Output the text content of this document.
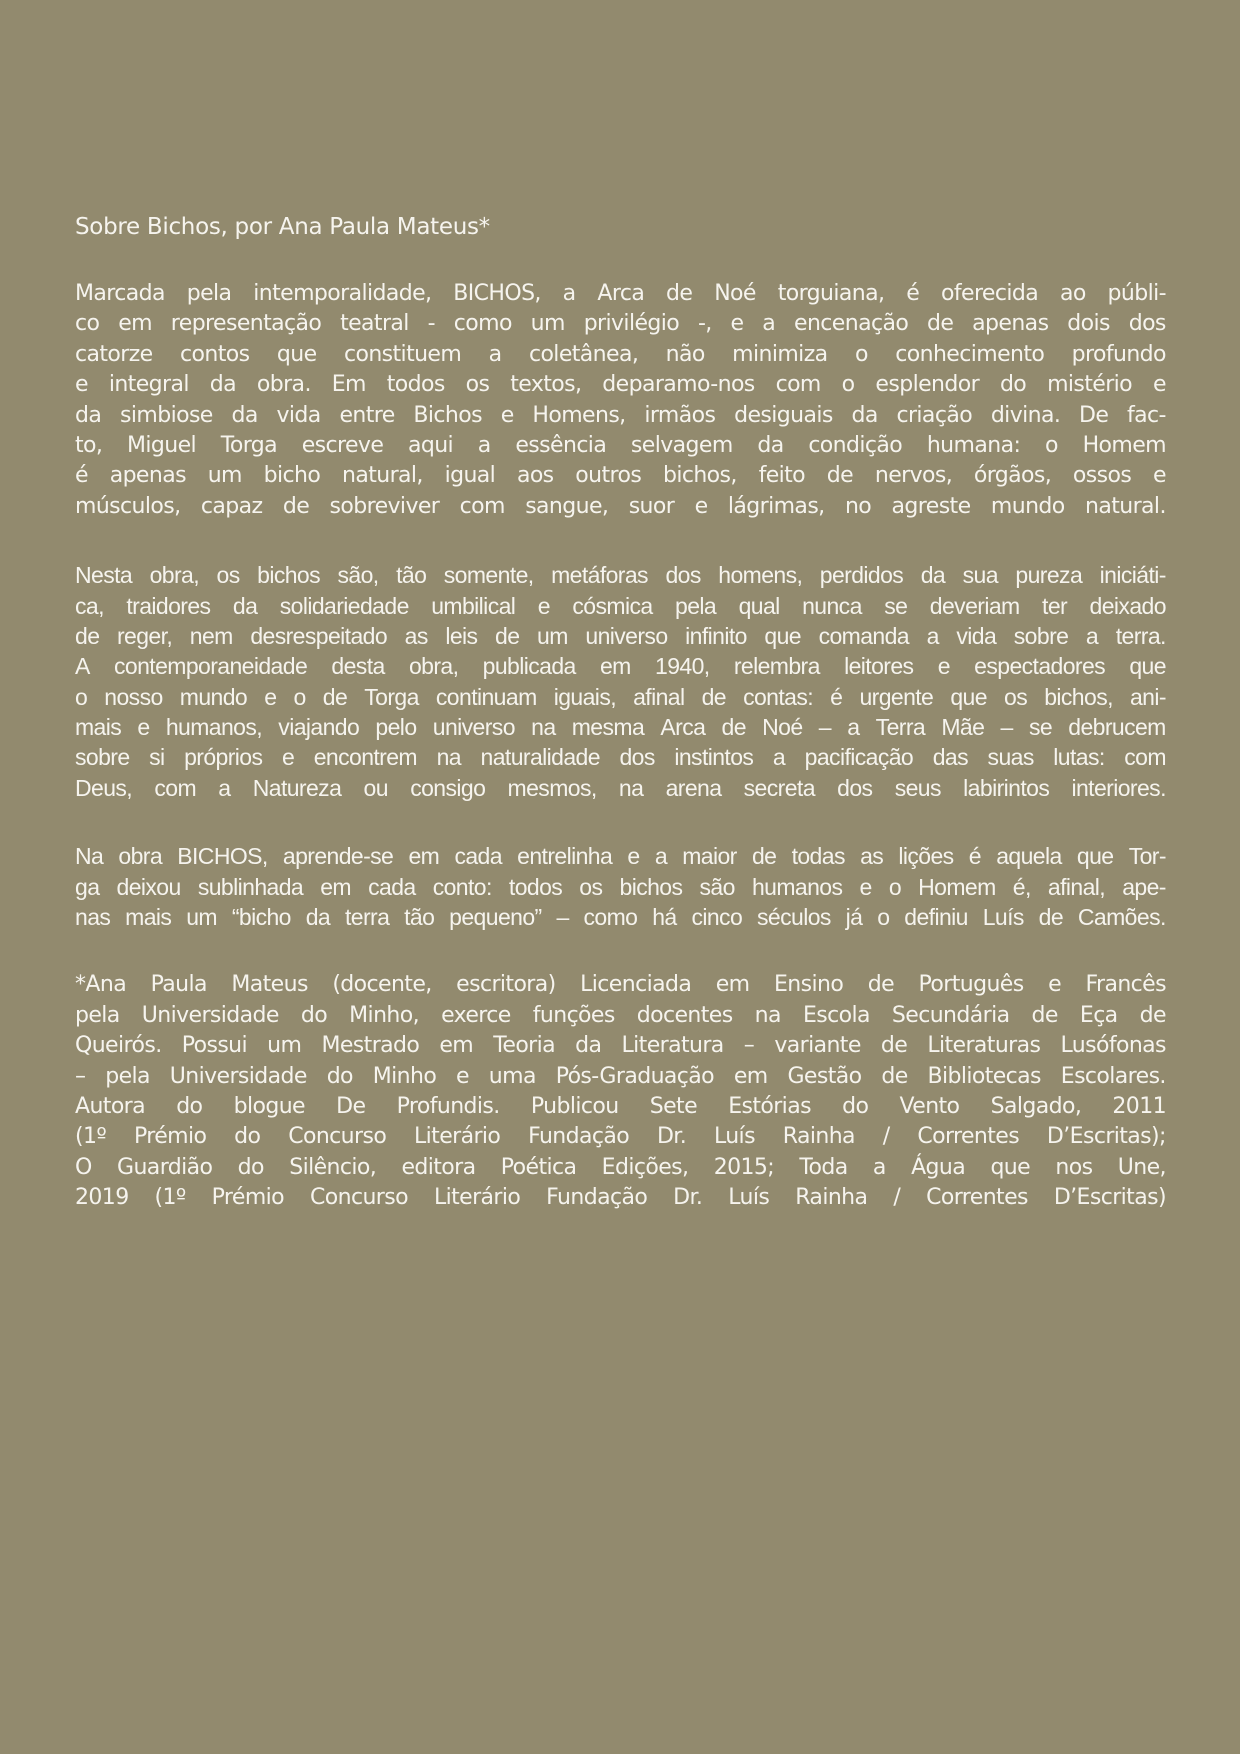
Sobre Bichos, por Ana Paula Mateus*
Marcada pela intemporalidade, BICHOS, a Arca de Noé torguiana, é oferecida ao públi-
co em representação teatral - como um privilégio -, e a encenação de apenas dois dos
catorze contos que constituem a coletânea, não minimiza o conhecimento profundo
e integral da obra. Em todos os textos, deparamo-nos com o esplendor do mistério e
da simbiose da vida entre Bichos e Homens, irmãos desiguais da criação divina. De fac-
to, Miguel Torga escreve aqui a essência selvagem da condição humana: o Homem
é apenas um bicho natural, igual aos outros bichos, feito de nervos, órgãos, ossos e
músculos, capaz de sobreviver com sangue, suor e lágrimas, no agreste mundo natural.
Nesta obra, os bichos são, tão somente, metáforas dos homens, perdidos da sua pureza iniciáti-
ca, traidores da solidariedade umbilical e cósmica pela qual nunca se deveriam ter deixado
de reger, nem desrespeitado as leis de um universo infinito que comanda a vida sobre a terra.
A contemporaneidade desta obra, publicada em 1940, relembra leitores e espectadores que
o nosso mundo e o de Torga continuam iguais, afinal de contas: é urgente que os bichos, ani-
mais e humanos, viajando pelo universo na mesma Arca de Noé – a Terra Mãe – se debrucem
sobre si próprios e encontrem na naturalidade dos instintos a pacificação das suas lutas: com
Deus, com a Natureza ou consigo mesmos, na arena secreta dos seus labirintos interiores.
Na obra BICHOS, aprende-se em cada entrelinha e a maior de todas as lições é aquela que Tor-
ga deixou sublinhada em cada conto: todos os bichos são humanos e o Homem é, afinal, ape-
nas mais um “bicho da terra tão pequeno” – como há cinco séculos já o definiu Luís de Camões.
*Ana Paula Mateus (docente, escritora) Licenciada em Ensino de Português e Francês
pela Universidade do Minho, exerce funções docentes na Escola Secundária de Eça de
Queirós. Possui um Mestrado em Teoria da Literatura – variante de Literaturas Lusófonas
– pela Universidade do Minho e uma Pós-Graduação em Gestão de Bibliotecas Escolares.
Autora do blogue De Profundis. Publicou Sete Estórias do Vento Salgado, 2011
(1º Prémio do Concurso Literário Fundação Dr. Luís Rainha / Correntes D’Escritas);
O Guardião do Silêncio, editora Poética Edições, 2015; Toda a Água que nos Une,
2019 (1º Prémio Concurso Literário Fundação Dr. Luís Rainha / Correntes D’Escritas)
